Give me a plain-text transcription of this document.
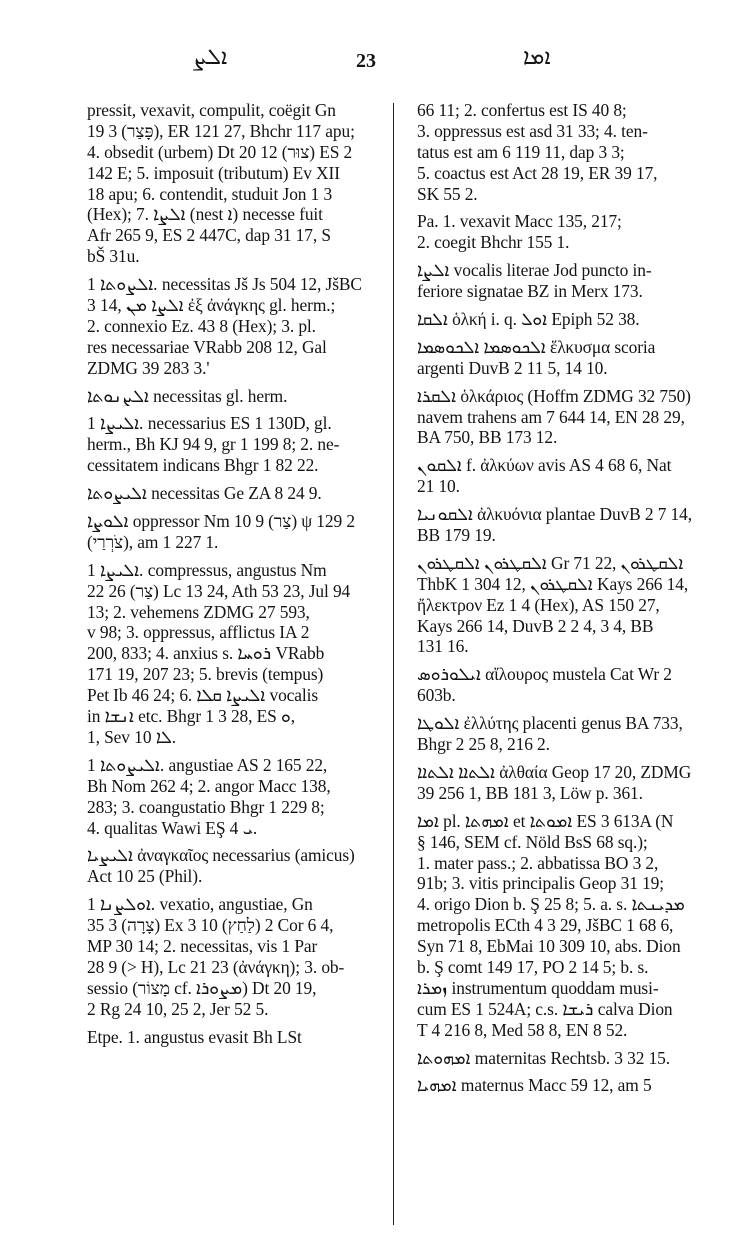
ܐܠܨ	23	ܐܡܐ
pressit, vexavit, compulit, coëgit Gn
19 3 (פָּצַר), ER 121 27, Bhchr 117 apu;
4. obsedit (urbem) Dt 20 12 (צוּר) ES 2
142 E; 5. imposuit (tributum) Ev XII
18 apu; 6. contendit, studuit Jon 1 3
(Hex); 7. ܐܠܨܐ (nest ܐ) necesse fuit
Afr 265 9, ES 2 447C, dap 31 17, S
bŠ 31u.
ܐܠܨܘܬܐ 1. necessitas Jš Js 504 12, JšBC
3 14, ܐܠܨܐ ܡܢ ἐξ ἀνάγκης gl. herm.;
2. connexio Ez. 43 8 (Hex); 3. pl.
res necessariae VRabb 208 12, Gal
ZDMG 39 283 3.'
ܐܠܨܢܘܬܐ necessitas gl. herm.
ܐܠܝܨܐ 1. necessarius ES 1 130D, gl.
herm., Bh KJ 94 9, gr 1 199 8; 2. ne-
cessitatem indicans Bhgr 1 82 22.
ܐܠܝܨܘܬܐ necessitas Ge ZA 8 24 9.
ܐܠܘܨܐ oppressor Nm 10 9 (צַר) ψ 129 2
(צֹרְרַי), am 1 227 1.
ܐܠܝܨܐ 1. compressus, angustus Nm
22 26 (צַר) Lc 13 24, Ath 53 23, Jul 94
13; 2. vehemens ZDMG 27 593,
v 98; 3. oppressus, afflictus IA 2
200, 833; 4. anxius s. ܪܘܚܐ VRabb
171 19, 207 23; 5. brevis (tempus)
Pet Ib 46 24; 6. ܐܠܝܨܐ ܩܠܐ vocalis
in ܐܢܫܐ etc. Bhgr 1 3 28, ES ܘ,
1, Sev ܠܐ 10.
ܐܠܝܨܘܬܐ 1. angustiae AS 2 165 22,
Bh Nom 262 4; 2. angor Macc 138,
283; 3. coangustatio Bhgr 1 229 8;
4. qualitas Wawi EŞ ܝ 4.
ܐܠܝܨܝܐ ἀναγκαῖος necessarius (amicus)
Act 10 25 (Phil).
ܐܘܠܨܢܐ 1. vexatio, angustiae, Gn
35 3 (צָרָה) Ex 3 10 (לַחַץ) 2 Cor 6 4,
MP 30 14; 2. necessitas, vis 1 Par
28 9 (> H), Lc 21 23 (ἀνάγκη); 3. ob-
sessio (מָצוֹר cf. ܡܨܘܪܐ) Dt 20 19,
2 Rg 24 10, 25 2, Jer 52 5.
Etpe. 1. angustus evasit Bh LSt
66 11; 2. confertus est IS 40 8;
3. oppressus est asd 31 33; 4. ten-
tatus est am 6 119 11, dap 3 3;
5. coactus est Act 28 19, ER 39 17,
SK 55 2.
Pa. 1. vexavit Macc 135, 217;
2. coegit Bhchr 155 1.
ܐܠܨܐ vocalis literae Jod puncto in-
feriore signatae BZ in Merx 173.
ܐܠܩܐ ὁλκή i. q. ܐܘܠ Epiph 52 38.
ܐܠܟܘܣܡܐ ܐܠܟܘܣܡܐ ἕλκυσμα scoria
argenti DuvB 2 11 5, 14 10.
ܐܠܩܪܐ ὁλκάριος (Hoffm ZDMG 32 750)
navem trahens am 7 644 14, EN 28 29,
BA 750, BB 173 12.
ܐܠܩܘܢ f. ἀλκύων avis AS 4 68 6, Nat
21 10.
ܐܠܩܘܢܝܐ ἀλκυόνια plantae DuvB 2 7 14,
BB 179 19.
ܐܠܩܛܪܘܢ ܐܠܩܛܪܘܢ Gr 71 22, ܐܠܩܛܪܘܢ
ThbK 1 304 12, ܐܠܩܛܪܘܢ Kays 266 14,
ἤλεκτρον Ez 1 4 (Hex), AS 150 27,
Kays 266 14, DuvB 2 2 4, 3 4, BB
131 16.
ܐܝܠܘܪܘܣ αἴλουρος mustela Cat Wr 2
603b.
ܐܠܘܛܐ ἐλλύτης placenti genus BA 733,
Bhgr 2 25 8, 216 2.
ܐܠܬܐܐ ܐܠܬܐܐ ἀλθαία Geop 17 20, ZDMG
39 256 1, BB 181 3, Löw p. 361.
ܐܡܐ pl. ܐܡܗܬܐ et ܐܡܘܬܐ ES 3 613A (N
§ 146, SEM cf. Nöld BsS 68 sq.);
1. mater pass.; 2. abbatissa BO 3 2,
91b; 3. vitis principalis Geop 31 19;
4. origo Dion b. Ş 25 8; 5. a. s. ܡܕܝܢܬܐ
metropolis ECth 4 3 29, JšBC 1 68 6,
Syn 71 8, EbMai 10 309 10, abs. Dion
b. Ş comt 149 17, PO 2 14 5; b. s.
ܙܡܪܐ instrumentum quoddam musi-
cum ES 1 524A; c.s. ܪܝܫܐ calva Dion
T 4 216 8, Med 58 8, EN 8 52.
ܐܡܗܘܬܐ maternitas Rechtsb. 3 32 15.
ܐܡܗܝܐ maternus Macc 59 12, am 5
